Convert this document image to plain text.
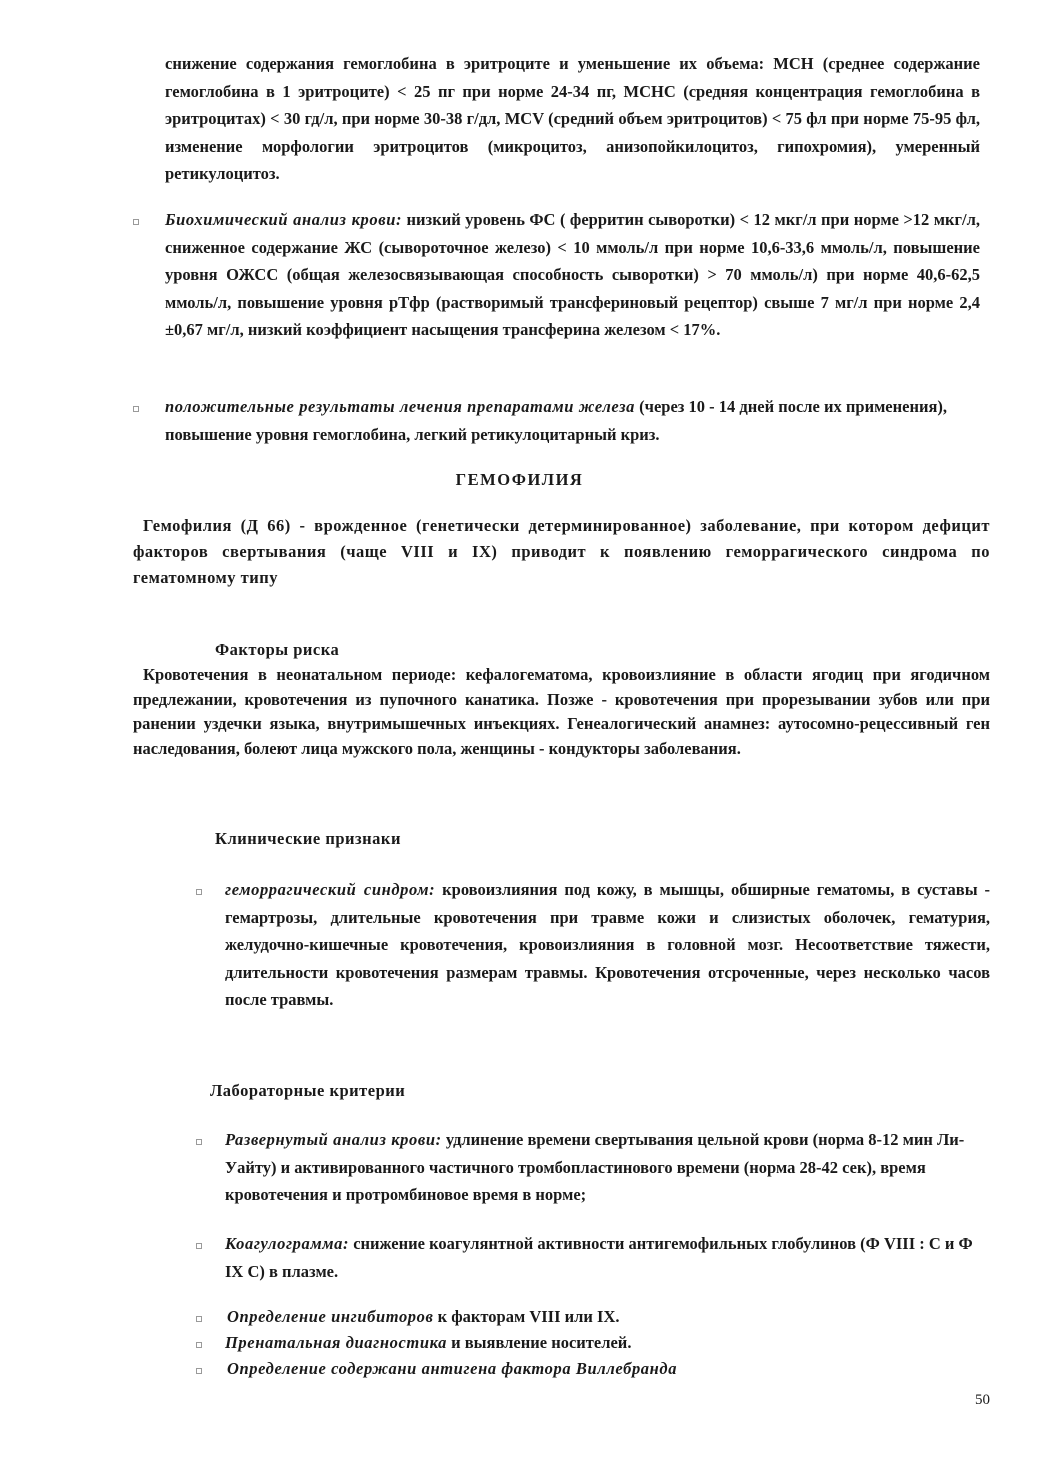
снижение содержания гемоглобина в эритроците и уменьшение их объема: МСН (среднее содержание гемоглобина в 1 эритроците) < 25 пг при норме 24-34 пг, МСНС (средняя концентрация гемоглобина в эритроцитах) < 30 гд/л, при норме 30-38 г/дл, MCV (средний объем эритроцитов) < 75 фл при норме 75-95 фл, изменение морфологии эритроцитов (микроцитоз, анизопойкилоцитоз, гипохромия), умеренный ретикулоцитоз.

Биохимический анализ крови: низкий уровень ФС ( ферритин сыворотки) < 12 мкг/л при норме >12 мкг/л, сниженное содержание ЖС (сывороточное железо) < 10 ммоль/л при норме 10,6-33,6 ммоль/л, повышение уровня ОЖСС (общая железосвязывающая способность сыворотки) > 70 ммоль/л) при норме 40,6-62,5 ммоль/л, повышение уровня рТфр (растворимый трансфериновый рецептор) свыше 7 мг/л при норме 2,4 ±0,67 мг/л, низкий коэффициент насыщения трансферина железом < 17%.

положительные результаты лечения препаратами железа (через 10 - 14 дней после их применения), повышение уровня гемоглобина, легкий ретикулоцитарный криз.

ГЕМОФИЛИЯ

Гемофилия (Д 66) - врожденное (генетически детерминированное) заболевание, при котором дефицит факторов свертывания (чаще VIII и IX) приводит к появлению геморрагического синдрома по гематомному типу

Факторы риска

Кровотечения в неонатальном периоде: кефалогематома, кровоизлияние в области ягодиц при ягодичном предлежании, кровотечения из пупочного канатика. Позже - кровотечения при прорезывании зубов или при ранении уздечки языка, внутримышечных инъекциях. Генеалогический анамнез: аутосомно-рецессивный ген наследования, болеют лица мужского пола, женщины - кондукторы заболевания.

Клинические признаки

геморрагический синдром: кровоизлияния под кожу, в мышцы, обширные гематомы, в суставы - гемартрозы, длительные кровотечения при травме кожи и слизистых оболочек, гематурия, желудочно-кишечные кровотечения, кровоизлияния в головной мозг. Несоответствие тяжести, длительности кровотечения размерам травмы. Кровотечения отсроченные, через несколько часов после травмы.

Лабораторные критерии

Развернутый анализ крови: удлинение времени свертывания цельной крови (норма 8-12 мин Ли-Уайту) и активированного частичного тромбопластинового времени (норма 28-42 сек), время кровотечения и протромбиновое время в норме;

Коагулограмма: снижение коагулянтной активности антигемофильных глобулинов (Ф VIII : С и Ф IX С) в плазме.

Определение ингибиторов к факторам VIII или IX.

Пренатальная диагностика и выявление носителей.

Определение содержани антигена фактора Виллебранда

50
